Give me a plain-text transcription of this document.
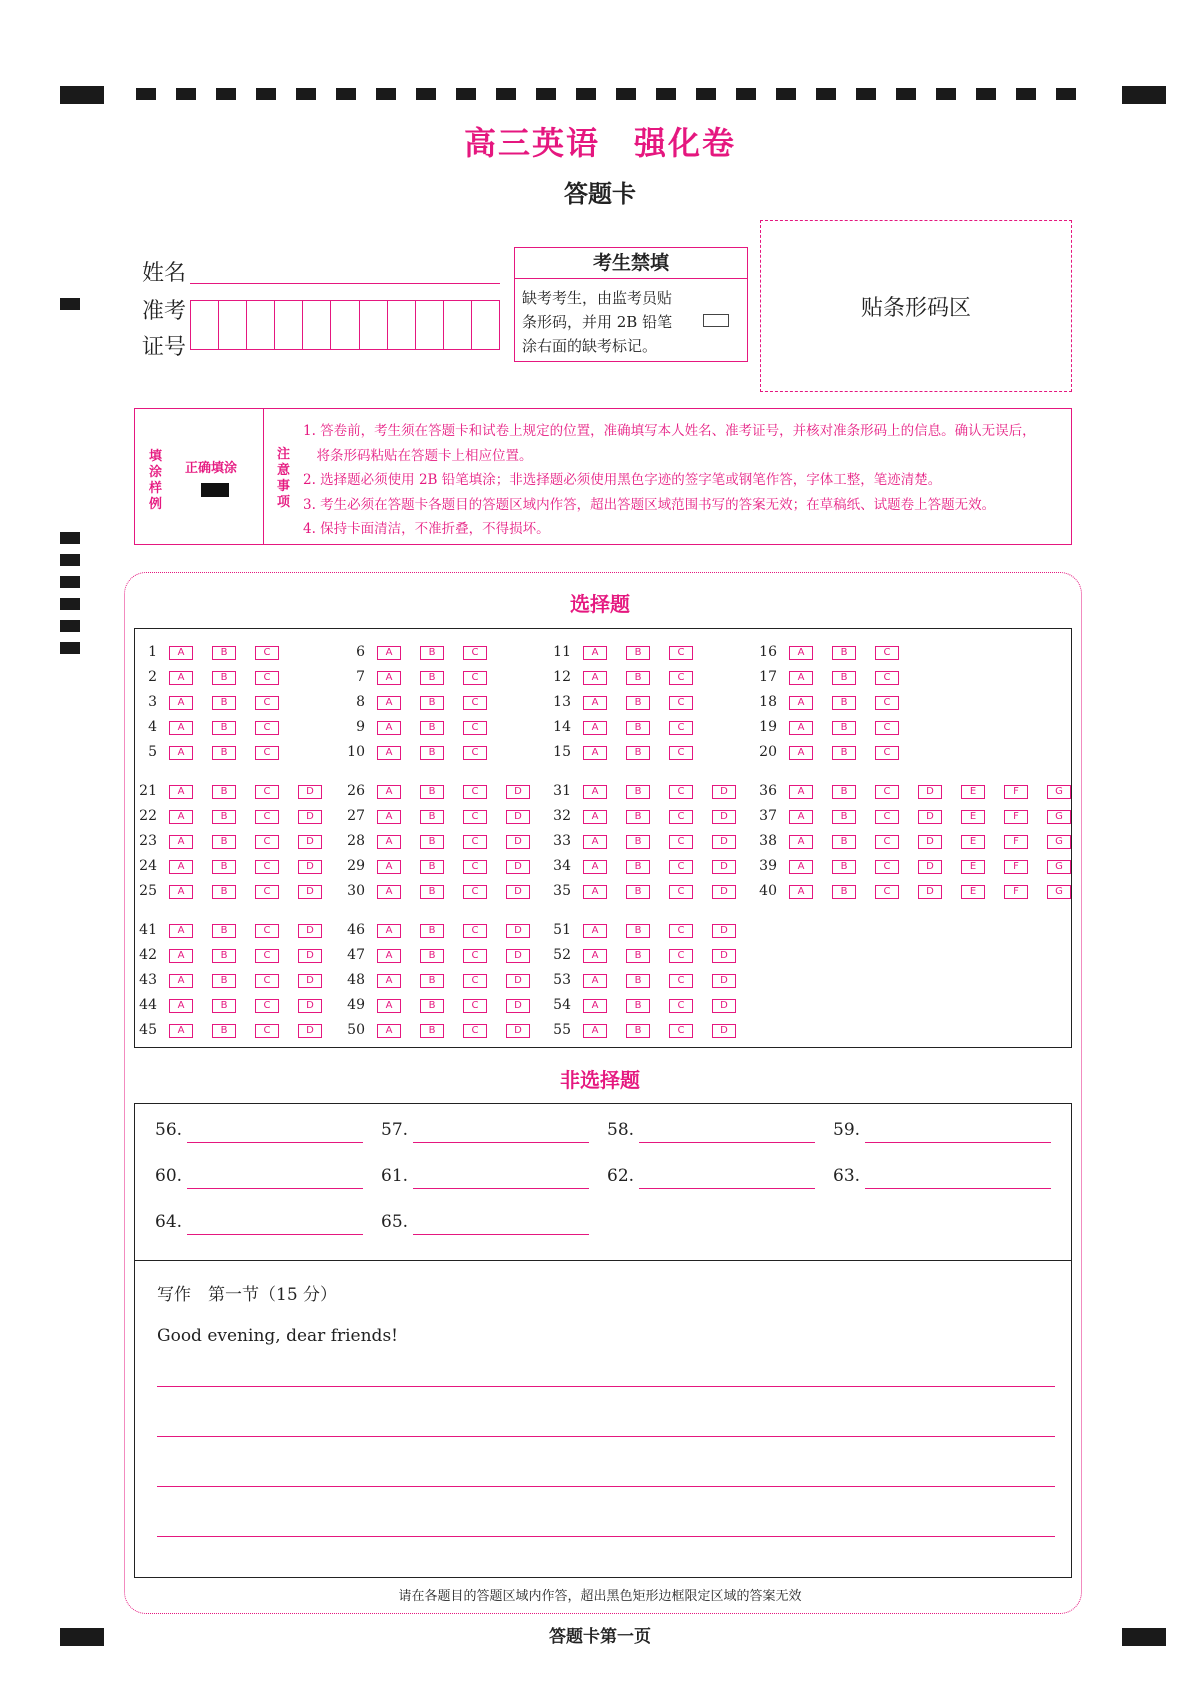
高三英语　强化卷
答题卡
姓名
准考
证号
考生禁填
缺考考生，由监考员贴
条形码，并用 2B 铅笔
涂右面的缺考标记。
贴条形码区
填涂样例
正确填涂
注意事项
1. 答卷前，考生须在答题卡和试卷上规定的位置，准确填写本人姓名、准考证号，并核对准条形码上的信息。确认无误后，
　将条形码粘贴在答题卡上相应位置。
2. 选择题必须使用 2B 铅笔填涂；非选择题必须使用黑色字迹的签字笔或钢笔作答，字体工整，笔迹清楚。
3. 考生必须在答题卡各题目的答题区域内作答，超出答题区域范围书写的答案无效；在草稿纸、试题卷上答题无效。
4. 保持卡面清洁，不准折叠，不得损坏。
选择题
1	A	B	C
2	A	B	C
3	A	B	C
4	A	B	C
5	A	B	C
6	A	B	C
7	A	B	C
8	A	B	C
9	A	B	C
10	A	B	C
11	A	B	C
12	A	B	C
13	A	B	C
14	A	B	C
15	A	B	C
16	A	B	C
17	A	B	C
18	A	B	C
19	A	B	C
20	A	B	C
21	A	B	C	D
22	A	B	C	D
23	A	B	C	D
24	A	B	C	D
25	A	B	C	D
26	A	B	C	D
27	A	B	C	D
28	A	B	C	D
29	A	B	C	D
30	A	B	C	D
31	A	B	C	D
32	A	B	C	D
33	A	B	C	D
34	A	B	C	D
35	A	B	C	D
36	A	B	C	D	E	F	G
37	A	B	C	D	E	F	G
38	A	B	C	D	E	F	G
39	A	B	C	D	E	F	G
40	A	B	C	D	E	F	G
41	A	B	C	D
42	A	B	C	D
43	A	B	C	D
44	A	B	C	D
45	A	B	C	D
46	A	B	C	D
47	A	B	C	D
48	A	B	C	D
49	A	B	C	D
50	A	B	C	D
51	A	B	C	D
52	A	B	C	D
53	A	B	C	D
54	A	B	C	D
55	A	B	C	D
非选择题
56.	57.	58.	59.
60.	61.	62.	63.
64.	65.
写作　第一节（15 分）
Good evening, dear friends!
请在各题目的答题区域内作答，超出黑色矩形边框限定区域的答案无效
答题卡第一页
